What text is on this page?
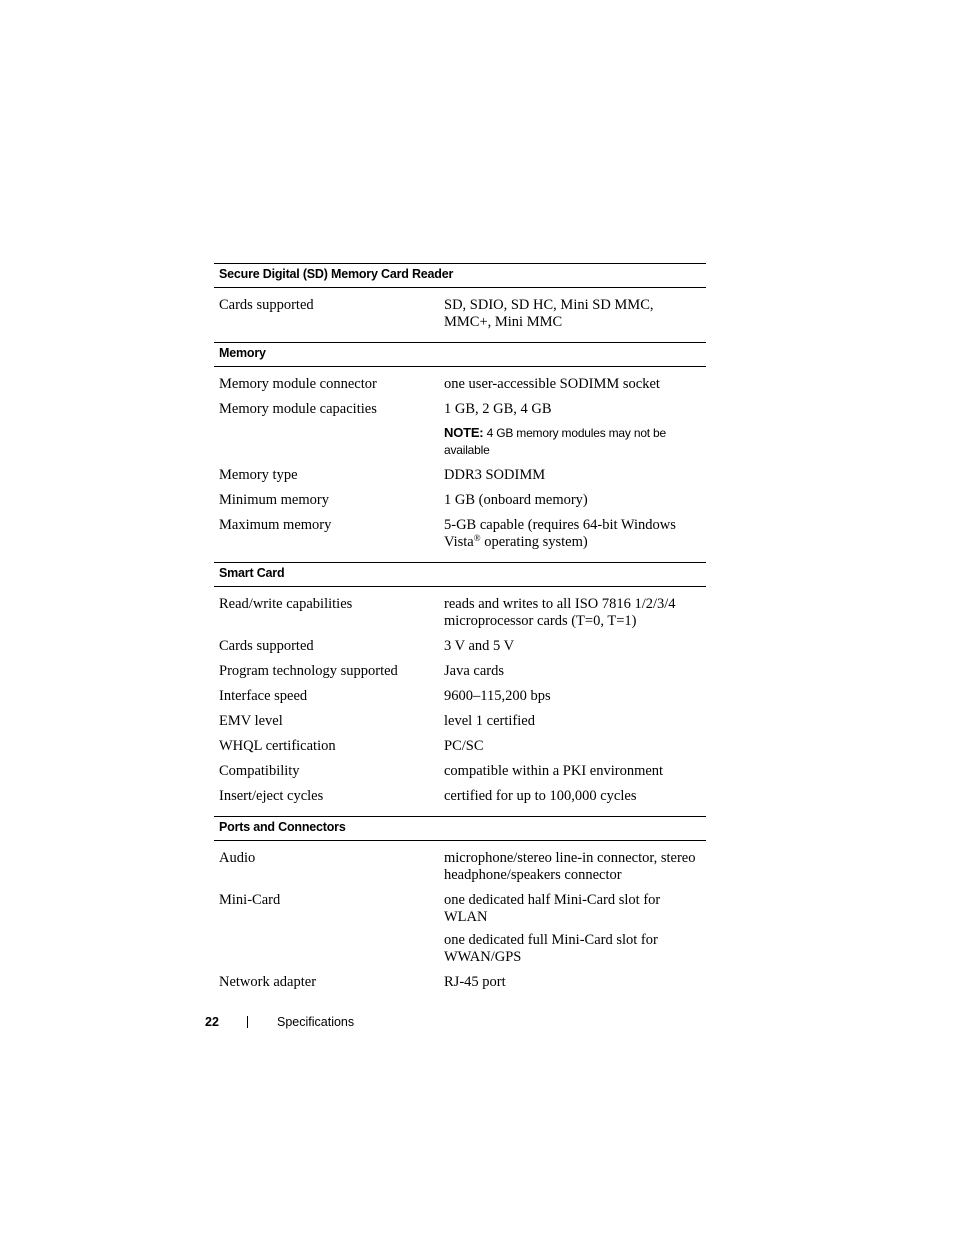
Secure Digital (SD) Memory Card Reader
Cards supported	SD, SDIO, SD HC, Mini SD MMC, MMC+, Mini MMC
Memory
Memory module connector	one user-accessible SODIMM socket
Memory module capacities	1 GB, 2 GB, 4 GB
NOTE: 4 GB memory modules may not be available
Memory type	DDR3 SODIMM
Minimum memory	1 GB (onboard memory)
Maximum memory	5-GB capable (requires 64-bit Windows Vista® operating system)
Smart Card
Read/write capabilities	reads and writes to all ISO 7816 1/2/3/4 microprocessor cards (T=0, T=1)
Cards supported	3 V and 5 V
Program technology supported	Java cards
Interface speed	9600–115,200 bps
EMV level	level 1 certified
WHQL certification	PC/SC
Compatibility	compatible within a PKI environment
Insert/eject cycles	certified for up to 100,000 cycles
Ports and Connectors
Audio	microphone/stereo line-in connector, stereo headphone/speakers connector
Mini-Card	one dedicated half Mini-Card slot for WLAN
one dedicated full Mini-Card slot for WWAN/GPS
Network adapter	RJ-45 port
22	Specifications
